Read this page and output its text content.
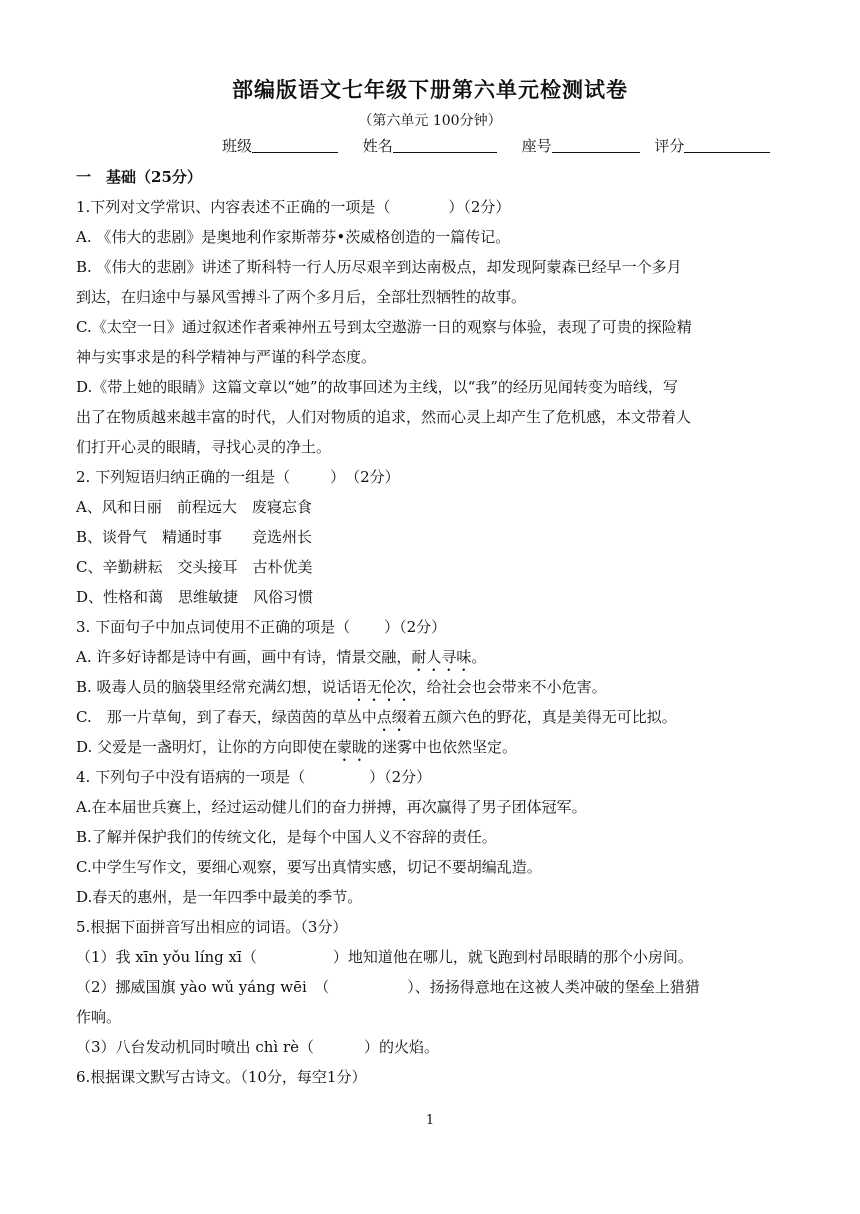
部编版语文七年级下册第六单元检测试卷
（第六单元 100分钟）
班级	姓名	座号	评分
一　基础（25分）
1.下列对文学常识、内容表述不正确的一项是（	）（2分）
A. 《伟大的悲剧》是奥地利作家斯蒂芬•茨威格创造的一篇传记。
B. 《伟大的悲剧》讲述了斯科特一行人历尽艰辛到达南极点，却发现阿蒙森已经早一个多月
到达，在归途中与暴风雪搏斗了两个多月后，全部壮烈牺牲的故事。
C.《太空一日》通过叙述作者乘神州五号到太空遨游一日的观察与体验，表现了可贵的探险精
神与实事求是的科学精神与严谨的科学态度。
D.《带上她的眼睛》这篇文章以“她”的故事回述为主线，以“我”的经历见闻转变为暗线，写
出了在物质越来越丰富的时代，人们对物质的追求，然而心灵上却产生了危机感，本文带着人
们打开心灵的眼睛，寻找心灵的净土。
2. 下列短语归纳正确的一组是（	）　（2分）
A、风和日丽　前程远大　废寝忘食
B、谈骨气　精通时事　　竞选州长
C、辛勤耕耘　交头接耳　古朴优美
D、性格和蔼　思维敏捷　风俗习惯
3. 下面句子中加点词使用不正确的项是（ ）（2分）
A. 许多好诗都是诗中有画，画中有诗，情景交融，耐人寻味。
B. 吸毒人员的脑袋里经常充满幻想，说话语无伦次，给社会也会带来不小危害。
C.　那一片草甸，到了春天，绿茵茵的草丛中点缀着五颜六色的野花，真是美得无可比拟。
D. 父爱是一盏明灯，让你的方向即使在蒙眬的迷雾中也依然坚定。
4. 下列句子中没有语病的一项是（	）（2分）
A.在本届世兵赛上，经过运动健儿们的奋力拼搏，再次赢得了男子团体冠军。
B.了解并保护我们的传统文化，是每个中国人义不容辞的责任。
C.中学生写作文，要细心观察，要写出真情实感，切记不要胡编乱造。
D.春天的惠州，是一年四季中最美的季节。
5.根据下面拼音写出相应的词语。（3分）
（1）我 xīn yǒu líng xī（	）地知道他在哪儿，就飞跑到村昂眼睛的那个小房间。
（2）挪威国旗 yào wǔ yáng wēi　（	）、扬扬得意地在这被人类冲破的堡垒上猎猎
作响。
（3）八台发动机同时喷出 chì rè（	）的火焰。
6.根据课文默写古诗文。（10分，每空1分）
1
